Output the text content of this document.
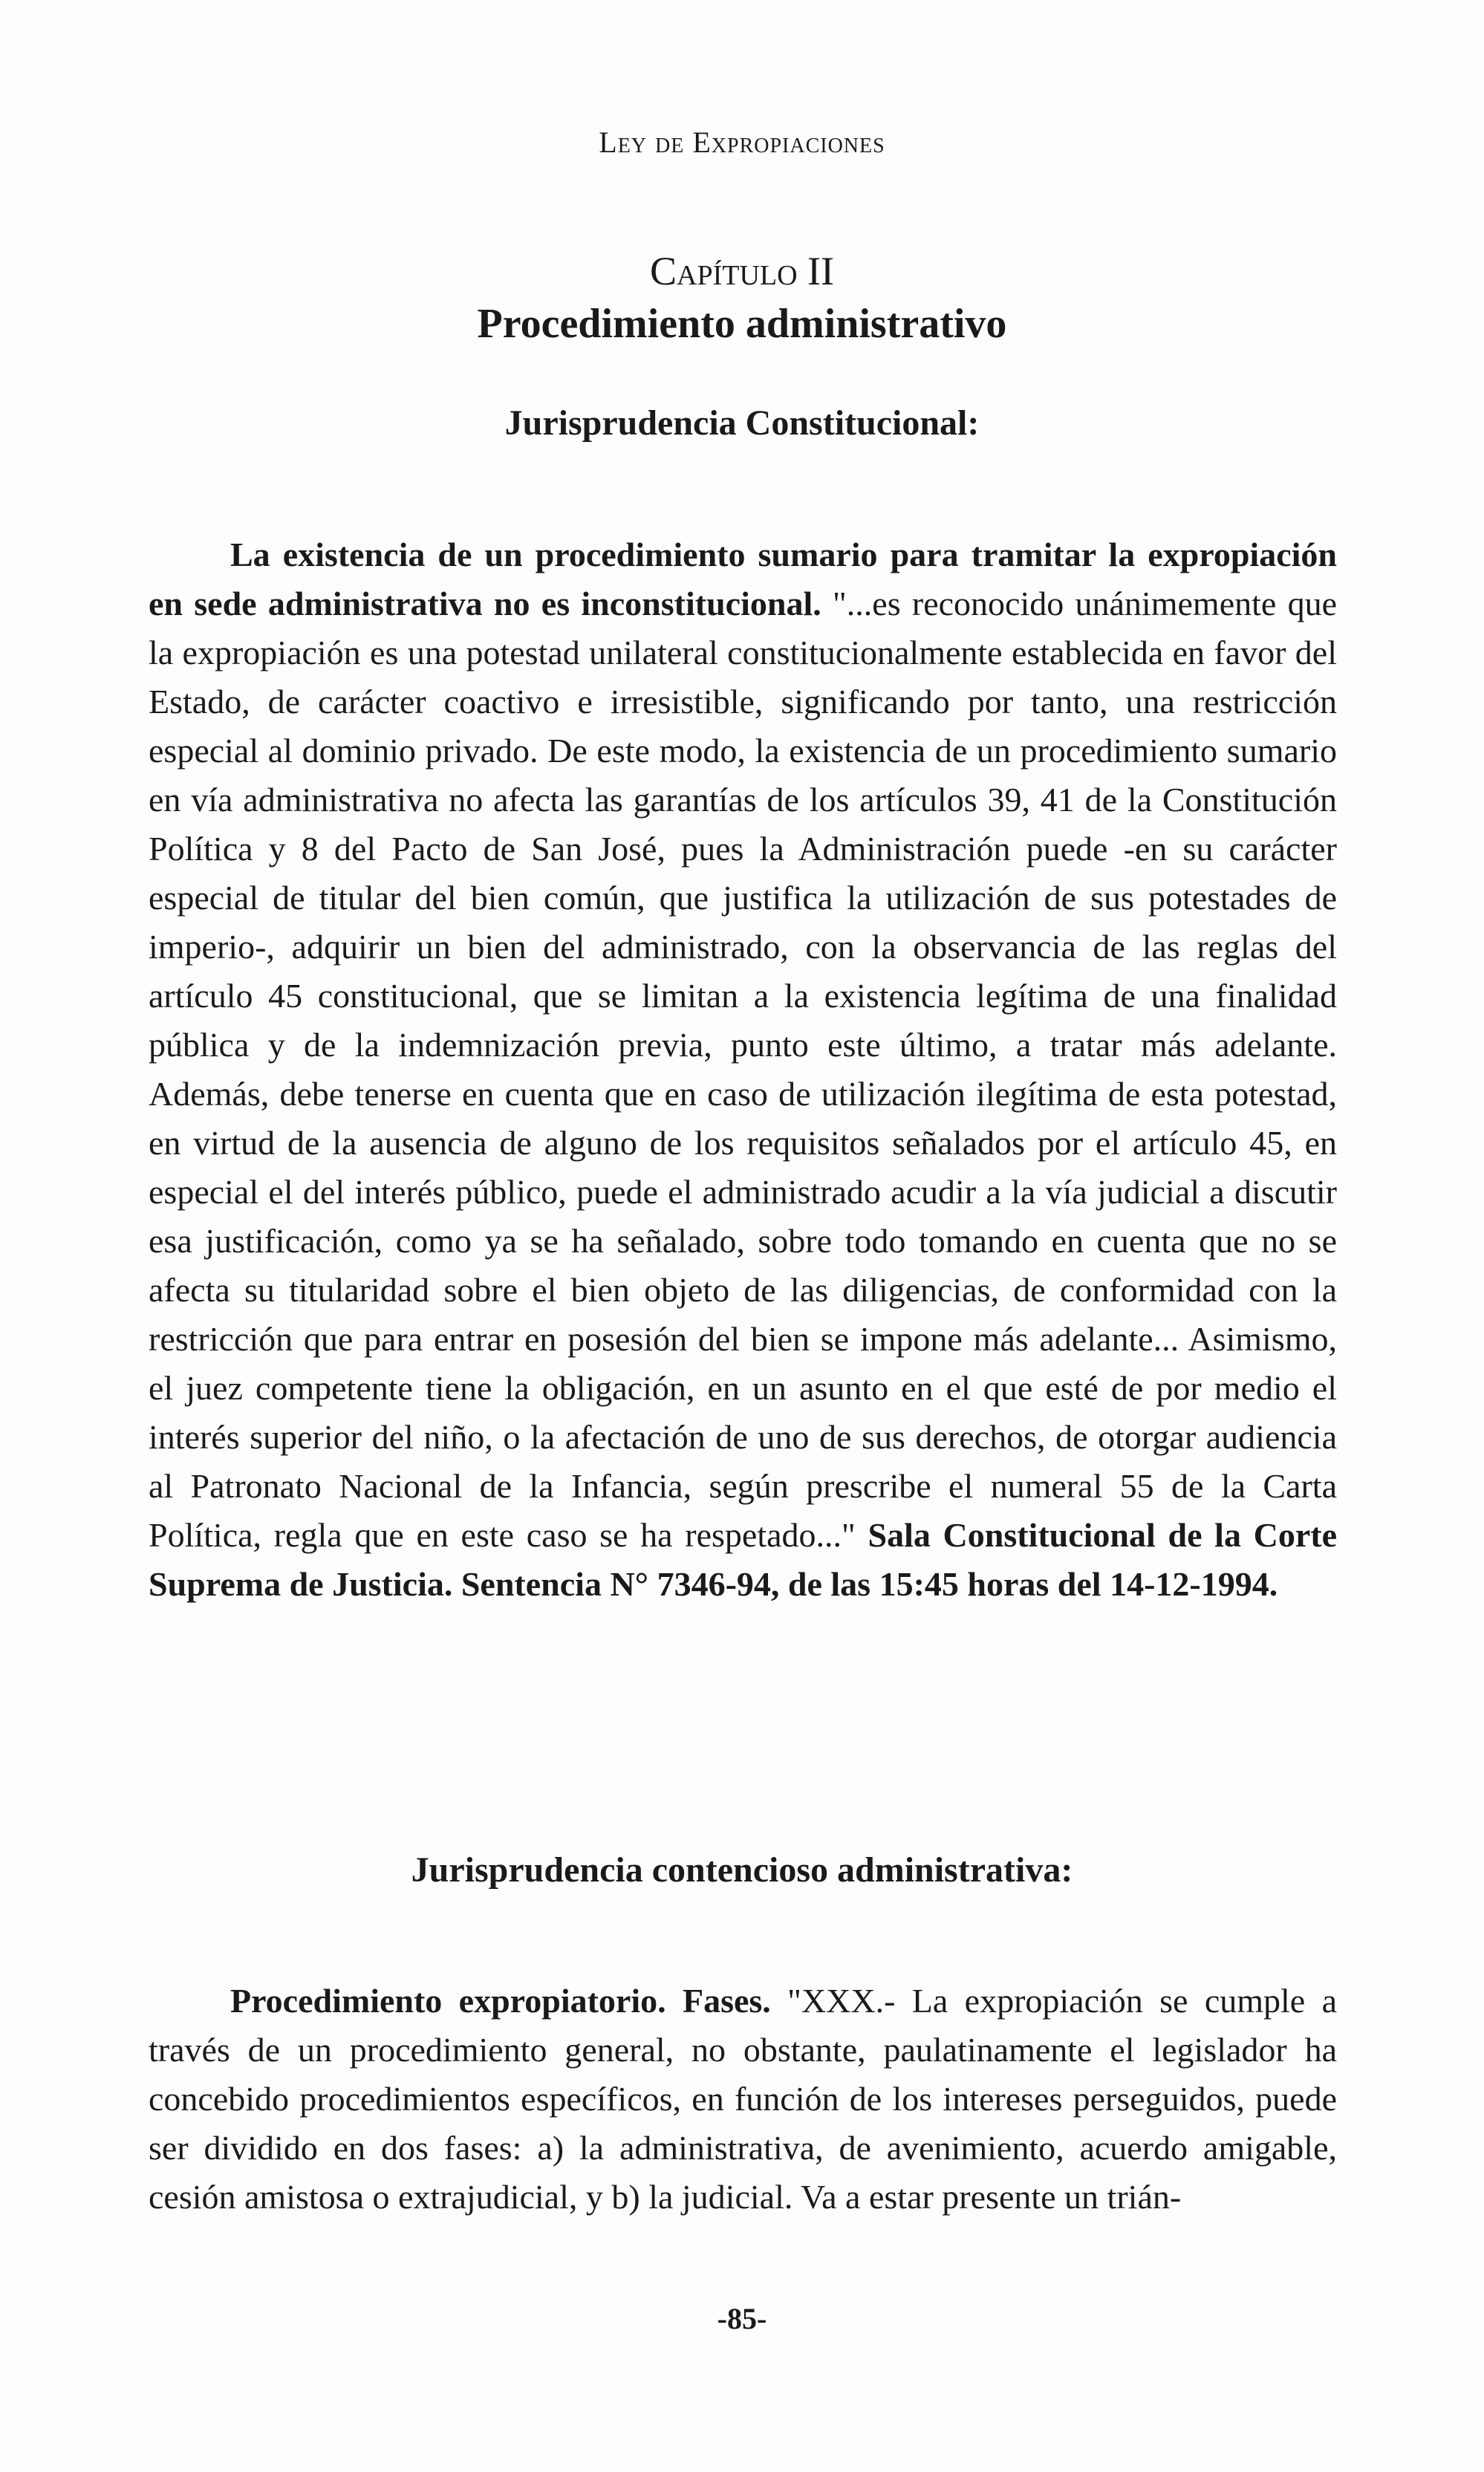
Ley de Expropiaciones
Capítulo II
Procedimiento administrativo
Jurisprudencia Constitucional:

La existencia de un procedimiento sumario para tramitar la expropiación en sede administrativa no es inconstitucional. "...es reconocido unánimemente que la expropiación es una potestad unilateral constitucionalmente establecida en favor del Estado, de carácter coactivo e irresistible, significando por tanto, una restricción especial al dominio privado. De este modo, la existencia de un procedimiento sumario en vía administrativa no afecta las garantías de los artículos 39, 41 de la Constitución Política y 8 del Pacto de San José, pues la Administración puede -en su carácter especial de titular del bien común, que justifica la utilización de sus potestades de imperio-, adquirir un bien del administrado, con la observancia de las reglas del artículo 45 constitucional, que se limitan a la existencia legítima de una finalidad pública y de la indemnización previa, punto este último, a tratar más adelante. Además, debe tenerse en cuenta que en caso de utilización ilegítima de esta potestad, en virtud de la ausencia de alguno de los requisitos señalados por el artículo 45, en especial el del interés público, puede el administrado acudir a la vía judicial a discutir esa justificación, como ya se ha señalado, sobre todo tomando en cuenta que no se afecta su titularidad sobre el bien objeto de las diligencias, de conformidad con la restricción que para entrar en posesión del bien se impone más adelante... Asimismo, el juez competente tiene la obligación, en un asunto en el que esté de por medio el interés superior del niño, o la afectación de uno de sus derechos, de otorgar audiencia al Patronato Nacional de la Infancia, según prescribe el numeral 55 de la Carta Política, regla que en este caso se ha respetado..." Sala Constitucional de la Corte Suprema de Justicia. Sentencia N° 7346-94, de las 15:45 horas del 14-12-1994.

Jurisprudencia contencioso administrativa:

Procedimiento expropiatorio. Fases. "XXX.- La expropiación se cumple a través de un procedimiento general, no obstante, paulatinamente el legislador ha concebido procedimientos específicos, en función de los intereses perseguidos, puede ser dividido en dos fases: a) la administrativa, de avenimiento, acuerdo amigable, cesión amistosa o extrajudicial, y b) la judicial. Va a estar presente un trián-

-85-
